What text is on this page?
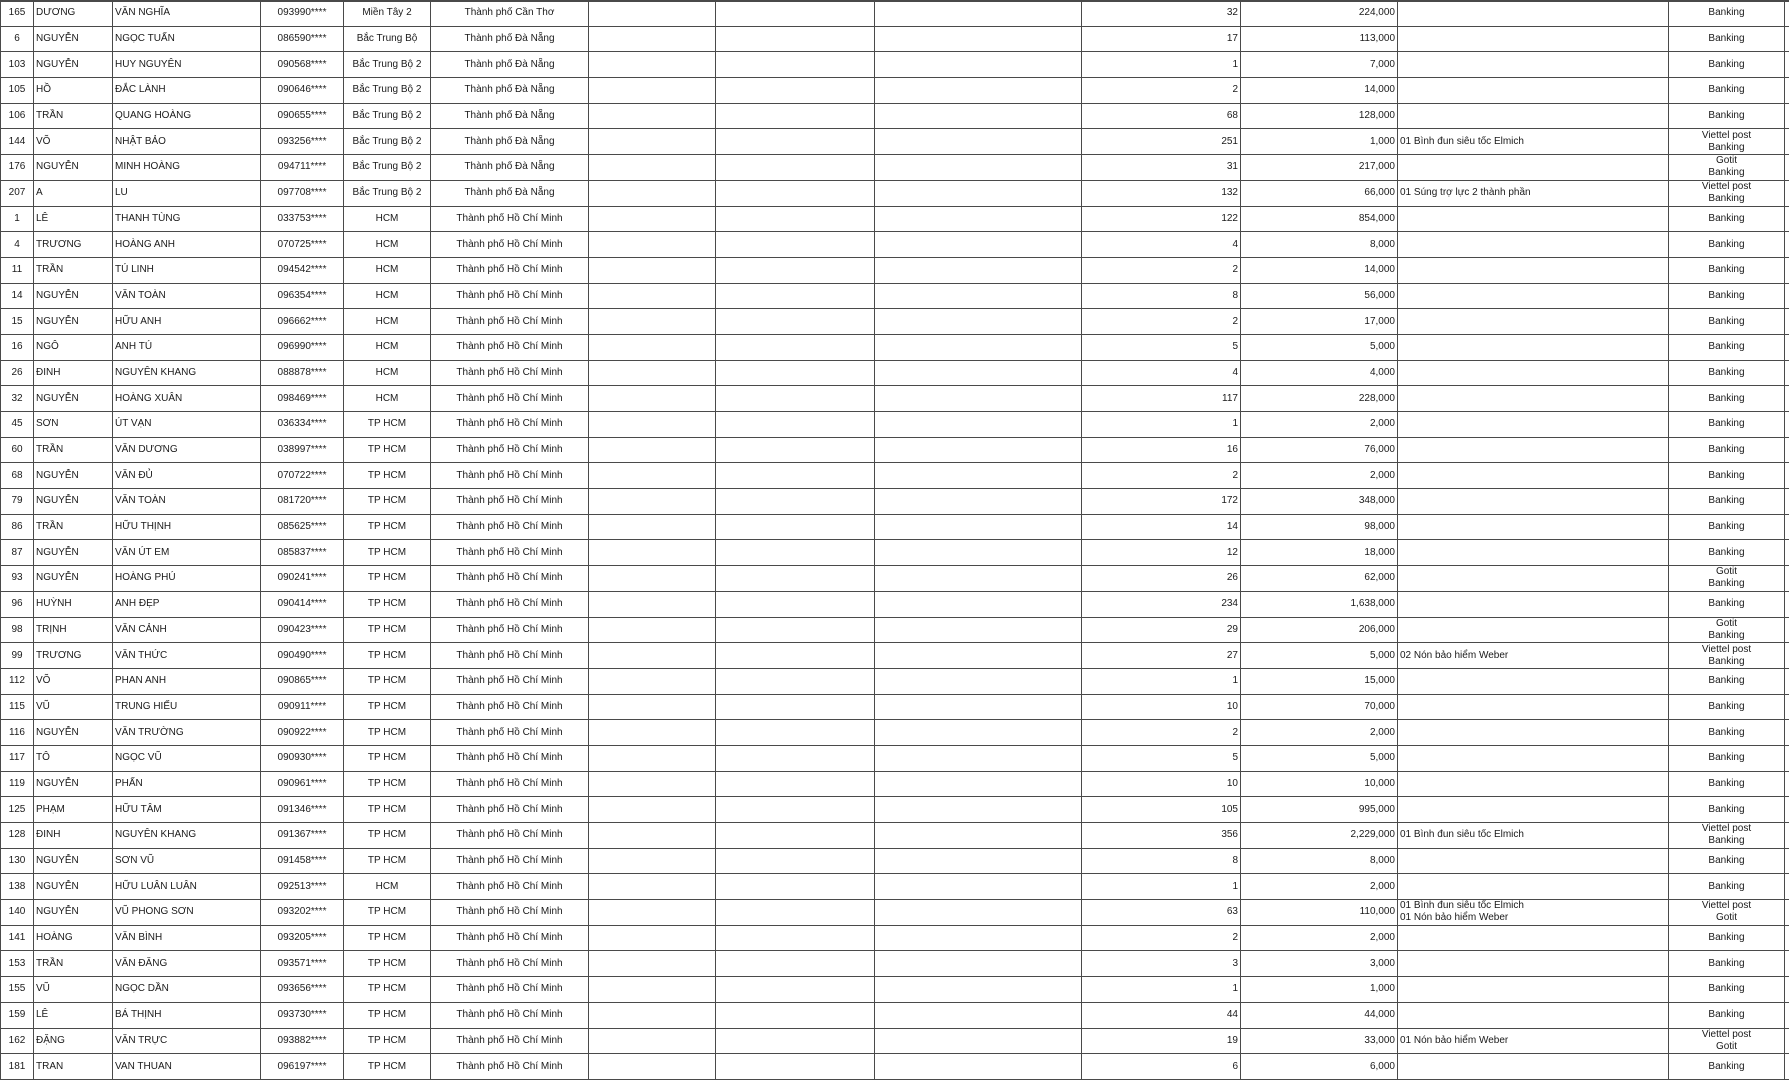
165	DƯƠNG	VĂN NGHĨA	093990****	Miền Tây 2	Thành phố Cần Thơ				32	224,000		Banking	

6	NGUYỄN	NGỌC TUẤN	086590****	Bắc Trung Bộ	Thành phố Đà Nẵng				17	113,000		Banking	

103	NGUYỄN	HUY NGUYÊN	090568****	Bắc Trung Bộ 2	Thành phố Đà Nẵng				1	7,000		Banking	

105	HỒ	ĐẮC LÀNH	090646****	Bắc Trung Bộ 2	Thành phố Đà Nẵng				2	14,000		Banking	

106	TRẦN	QUANG HOÀNG	090655****	Bắc Trung Bộ 2	Thành phố Đà Nẵng				68	128,000		Banking	

144	VÕ	NHẬT BẢO	093256****	Bắc Trung Bộ 2	Thành phố Đà Nẵng				251	1,000	01 Bình đun siêu tốc Elmich	Viettel post
Banking	

176	NGUYỄN	MINH HOÀNG	094711****	Bắc Trung Bộ 2	Thành phố Đà Nẵng				31	217,000		Gotit
Banking	

207	A	LU	097708****	Bắc Trung Bộ 2	Thành phố Đà Nẵng				132	66,000	01 Súng trợ lực 2 thành phần	Viettel post
Banking	

1	LÊ	THANH TÙNG	033753****	HCM	Thành phố Hồ Chí Minh				122	854,000		Banking	

4	TRƯƠNG	HOÀNG ANH	070725****	HCM	Thành phố Hồ Chí Minh				4	8,000		Banking	

11	TRẦN	TÚ LINH	094542****	HCM	Thành phố Hồ Chí Minh				2	14,000		Banking	

14	NGUYỄN	VĂN TOÀN	096354****	HCM	Thành phố Hồ Chí Minh				8	56,000		Banking	

15	NGUYỄN	HỮU ANH	096662****	HCM	Thành phố Hồ Chí Minh				2	17,000		Banking	

16	NGÔ	ANH TÚ	096990****	HCM	Thành phố Hồ Chí Minh				5	5,000		Banking	

26	ĐINH	NGUYÊN KHANG	088878****	HCM	Thành phố Hồ Chí Minh				4	4,000		Banking	

32	NGUYỄN	HOÀNG XUÂN	098469****	HCM	Thành phố Hồ Chí Minh				117	228,000		Banking	

45	SƠN	ÚT VẠN	036334****	TP HCM	Thành phố Hồ Chí Minh				1	2,000		Banking	

60	TRẦN	VĂN DƯƠNG	038997****	TP HCM	Thành phố Hồ Chí Minh				16	76,000		Banking	

68	NGUYỄN	VĂN ĐỦ	070722****	TP HCM	Thành phố Hồ Chí Minh				2	2,000		Banking	

79	NGUYỄN	VĂN TOÀN	081720****	TP HCM	Thành phố Hồ Chí Minh				172	348,000		Banking	

86	TRẦN	HỮU THỊNH	085625****	TP HCM	Thành phố Hồ Chí Minh				14	98,000		Banking	

87	NGUYỄN	VĂN ÚT EM	085837****	TP HCM	Thành phố Hồ Chí Minh				12	18,000		Banking	

93	NGUYỄN	HOÀNG PHÚ	090241****	TP HCM	Thành phố Hồ Chí Minh				26	62,000		Gotit
Banking	

96	HUỲNH	ANH ĐẸP	090414****	TP HCM	Thành phố Hồ Chí Minh				234	1,638,000		Banking	

98	TRỊNH	VĂN CẢNH	090423****	TP HCM	Thành phố Hồ Chí Minh				29	206,000		Gotit
Banking	

99	TRƯƠNG	VĂN THỨC	090490****	TP HCM	Thành phố Hồ Chí Minh				27	5,000	02 Nón bảo hiểm Weber	Viettel post
Banking	

112	VÕ	PHAN ANH	090865****	TP HCM	Thành phố Hồ Chí Minh				1	15,000		Banking	

115	VŨ	TRUNG HIẾU	090911****	TP HCM	Thành phố Hồ Chí Minh				10	70,000		Banking	

116	NGUYỄN	VĂN TRƯỜNG	090922****	TP HCM	Thành phố Hồ Chí Minh				2	2,000		Banking	

117	TÔ	NGỌC VŨ	090930****	TP HCM	Thành phố Hồ Chí Minh				5	5,000		Banking	

119	NGUYỄN	PHẤN	090961****	TP HCM	Thành phố Hồ Chí Minh				10	10,000		Banking	

125	PHẠM	HỮU TÂM	091346****	TP HCM	Thành phố Hồ Chí Minh				105	995,000		Banking	

128	ĐINH	NGUYÊN KHANG	091367****	TP HCM	Thành phố Hồ Chí Minh				356	2,229,000	01 Bình đun siêu tốc Elmich	Viettel post
Banking	

130	NGUYỄN	SƠN VŨ	091458****	TP HCM	Thành phố Hồ Chí Minh				8	8,000		Banking	

138	NGUYỄN	HỮU LUÂN LUÂN	092513****	HCM	Thành phố Hồ Chí Minh				1	2,000		Banking	

140	NGUYỄN	VŨ PHONG SƠN	093202****	TP HCM	Thành phố Hồ Chí Minh				63	110,000	01 Bình đun siêu tốc Elmich
01 Nón bảo hiểm Weber	Viettel post
Gotit	

141	HOÀNG	VĂN BÌNH	093205****	TP HCM	Thành phố Hồ Chí Minh				2	2,000		Banking	

153	TRẦN	VĂN ĐĂNG	093571****	TP HCM	Thành phố Hồ Chí Minh				3	3,000		Banking	

155	VŨ	NGỌC DẦN	093656****	TP HCM	Thành phố Hồ Chí Minh				1	1,000		Banking	

159	LÊ	BÁ THỊNH	093730****	TP HCM	Thành phố Hồ Chí Minh				44	44,000		Banking	

162	ĐẶNG	VĂN TRỰC	093882****	TP HCM	Thành phố Hồ Chí Minh				19	33,000	01 Nón bảo hiểm Weber	Viettel post
Gotit	

181	TRAN	VAN THUAN	096197****	TP HCM	Thành phố Hồ Chí Minh				6	6,000		Banking	
